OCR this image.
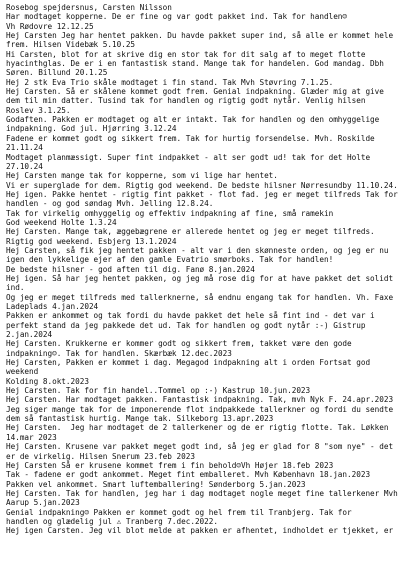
Rosebog spejdersnus, Carsten Nilsson
Har modtaget kopperne. De er fine og var godt pakket ind. Tak for handlen☺
Vh Rødovre 12.12.25
Hej Carsten Jeg har hentet pakken. Du havde pakket super ind, så alle er kommet hele
frem. Hilsen Videbæk 5.10.25
Hi Carsten, blot for at skrive dig en stor tak for dit salg af to meget flotte
hyacinthglas. De er i en fantastisk stand. Mange tak for handelen. God mandag. Dbh
Søren. Billund 20.1.25
Hej 2 stk Eva Trio skåle modtaget i fin stand. Tak Mvh Støvring 7.1.25.
Hej Carsten. Så er skålene kommet godt frem. Genial indpakning. Glæder mig at give
dem til min datter. Tusind tak for handlen og rigtig godt nytår. Venlig hilsen
Roslev 3.1.25.
Godaften. Pakken er modtaget og alt er intakt. Tak for handlen og den omhyggelige
indpakning. God jul. Hjørring 3.12.24
Fadene er kommet godt og sikkert frem. Tak for hurtig forsendelse. Mvh. Roskilde
21.11.24
Modtaget planmæssigt. Super fint indpakket - alt ser godt ud! tak for det Holte
27.10.24
Hej Carsten mange tak for kopperne, som vi lige har hentet.
Vi er superglade for dem. Rigtig god weekend. De bedste hilsner Nørresundby 11.10.24.
Hej igen. Pakke hentet - rigtig fint pakket - flot fad. jeg er meget tilfreds Tak for
handlen - og god søndag Mvh. Jelling 12.8.24.
Tak for virkelig omhyggelig og effektiv indpakning af fine, små ramekin
God weekend Holte 1.3.24
Hej Carsten. Mange tak, æggebægrene er allerede hentet og jeg er meget tilfreds.
Rigtig god weekend. Esbjerg 13.1.2024
Hej Carsten, så fik jeg hentet pakken - alt var i den skønneste orden, og jeg er nu
igen den lykkelige ejer af den gamle Evatrio smørboks. Tak for handlen!
De bedste hilsner - god aften til dig. Fanø 8.jan.2024
Hej igen. Så har jeg hentet pakken, og jeg må rose dig for at have pakket det solidt
ind.
Og jeg er meget tilfreds med tallerknerne, så endnu engang tak for handlen. Vh. Faxe
Ladeplads 4.jan.2024
Pakken er ankommet og tak fordi du havde pakket det hele så fint ind - det var i
perfekt stand da jeg pakkede det ud. Tak for handlen og godt nytår :-) Gistrup
2.jan.2024
Hej Carsten. Krukkerne er kommer godt og sikkert frem, takket være den gode
indpakning☺. Tak for handlen. Skærbæk 12.dec.2023
Hej Carsten, Pakken er kommet i dag. Megagod indpakning alt i orden Fortsat god
weekend
Kolding 8.okt.2023
Hej Carsten. Tak for fin handel..Tommel op :-) Kastrup 10.jun.2023
Hej Carsten. Har modtaget pakken. Fantastisk indpakning. Tak, mvh Nyk F. 24.apr.2023
Jeg siger mange tak for de imponerende flot indpakkede tallerkner og fordi du sendte
dem så fantastisk hurtig. Mange tak. Silkeborg 13.apr.2023
Hej Carsten.  Jeg har modtaget de 2 tallerkener og de er rigtig flotte. Tak. Løkken
14.mar 2023
Hej Carsten. Krusene var pakket meget godt ind, så jeg er glad for 8 "som nye" - det
er de virkelig. Hilsen Snerum 23.feb 2023
Hej Carsten Så er krusene kommet frem i fin behold☺Vh Højer 18.feb 2023
Tak - fadene er godt ankommet. Meget fint emballeret. Mvh København 18.jan.2023
Pakken vel ankommet. Smart luftemballering! Sønderborg 5.jan.2023
Hej Carsten. Tak for handlen, jeg har i dag modtaget nogle meget fine tallerkener Mvh
Aarup 5.jan.2023
Genial indpakning☺ Pakken er kommet godt og hel frem til Tranbjerg. Tak for
handlen og glædelig jul ⚠ Tranberg 7.dec.2022.
Hej igen Carsten. Jeg vil blot melde at pakken er afhentet, indholdet er tjekket, er
